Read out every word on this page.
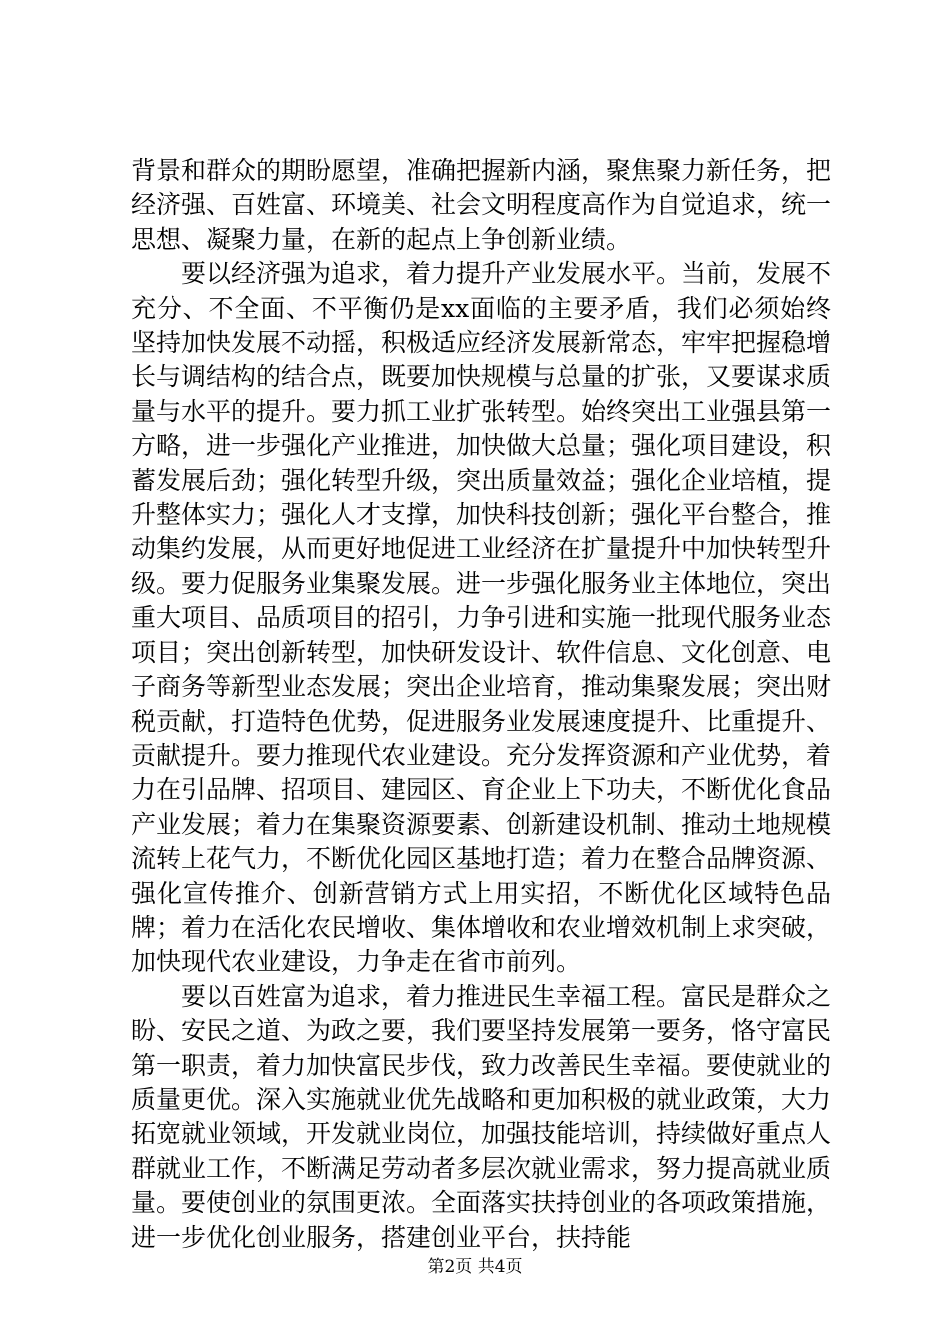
背景和群众的期盼愿望，准确把握新内涵，聚焦聚力新任务，把经济强、百姓富、环境美、社会文明程度高作为自觉追求，统一思想、凝聚力量，在新的起点上争创新业绩。

要以经济强为追求，着力提升产业发展水平。当前，发展不充分、不全面、不平衡仍是xx面临的主要矛盾，我们必须始终坚持加快发展不动摇，积极适应经济发展新常态，牢牢把握稳增长与调结构的结合点，既要加快规模与总量的扩张，又要谋求质量与水平的提升。要力抓工业扩张转型。始终突出工业强县第一方略，进一步强化产业推进，加快做大总量；强化项目建设，积蓄发展后劲；强化转型升级，突出质量效益；强化企业培植，提升整体实力；强化人才支撑，加快科技创新；强化平台整合，推动集约发展，从而更好地促进工业经济在扩量提升中加快转型升级。要力促服务业集聚发展。进一步强化服务业主体地位，突出重大项目、品质项目的招引，力争引进和实施一批现代服务业态项目；突出创新转型，加快研发设计、软件信息、文化创意、电子商务等新型业态发展；突出企业培育，推动集聚发展；突出财税贡献，打造特色优势，促进服务业发展速度提升、比重提升、贡献提升。要力推现代农业建设。充分发挥资源和产业优势，着力在引品牌、招项目、建园区、育企业上下功夫，不断优化食品产业发展；着力在集聚资源要素、创新建设机制、推动土地规模流转上花气力，不断优化园区基地打造；着力在整合品牌资源、强化宣传推介、创新营销方式上用实招，不断优化区域特色品牌；着力在活化农民增收、集体增收和农业增效机制上求突破，加快现代农业建设，力争走在省市前列。

要以百姓富为追求，着力推进民生幸福工程。富民是群众之盼、安民之道、为政之要，我们要坚持发展第一要务，恪守富民第一职责，着力加快富民步伐，致力改善民生幸福。要使就业的质量更优。深入实施就业优先战略和更加积极的就业政策，大力拓宽就业领域，开发就业岗位，加强技能培训，持续做好重点人群就业工作，不断满足劳动者多层次就业需求，努力提高就业质量。要使创业的氛围更浓。全面落实扶持创业的各项政策措施，进一步优化创业服务，搭建创业平台，扶持能

第2页 共4页
